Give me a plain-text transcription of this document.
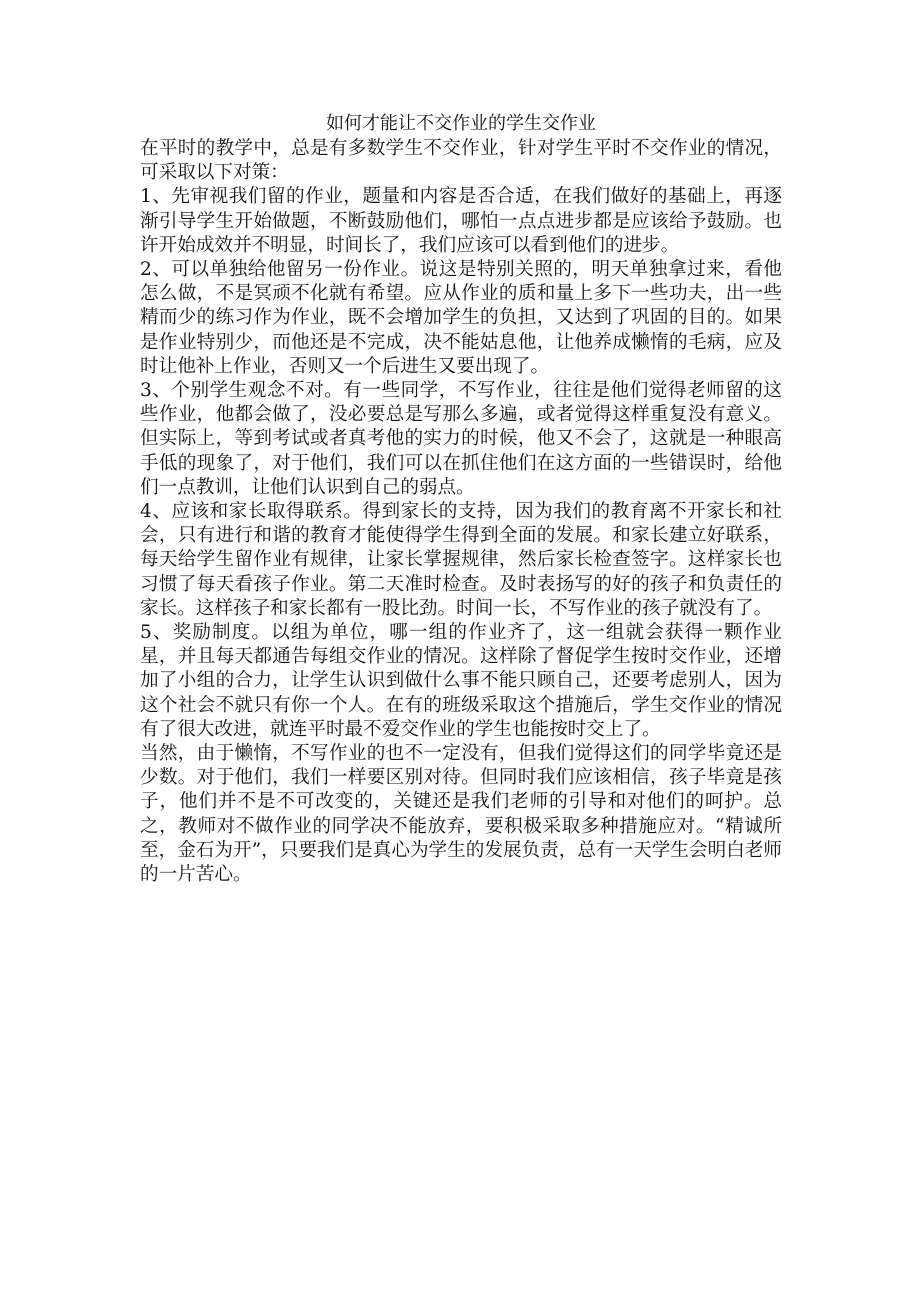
如何才能让不交作业的学生交作业

在平时的教学中，总是有多数学生不交作业，针对学生平时不交作业的情况，可采取以下对策：

1、先审视我们留的作业，题量和内容是否合适，在我们做好的基础上，再逐渐引导学生开始做题，不断鼓励他们，哪怕一点点进步都是应该给予鼓励。也许开始成效并不明显，时间长了，我们应该可以看到他们的进步。

2、可以单独给他留另一份作业。说这是特别关照的，明天单独拿过来，看他怎么做，不是冥顽不化就有希望。应从作业的质和量上多下一些功夫，出一些精而少的练习作为作业，既不会增加学生的负担，又达到了巩固的目的。如果是作业特别少，而他还是不完成，决不能姑息他，让他养成懒惰的毛病，应及时让他补上作业，否则又一个后进生又要出现了。

3、个别学生观念不对。有一些同学，不写作业，往往是他们觉得老师留的这些作业，他都会做了，没必要总是写那么多遍，或者觉得这样重复没有意义。但实际上，等到考试或者真考他的实力的时候，他又不会了，这就是一种眼高手低的现象了，对于他们，我们可以在抓住他们在这方面的一些错误时，给他们一点教训，让他们认识到自己的弱点。

4、应该和家长取得联系。得到家长的支持，因为我们的教育离不开家长和社会，只有进行和谐的教育才能使得学生得到全面的发展。和家长建立好联系，每天给学生留作业有规律，让家长掌握规律，然后家长检查签字。这样家长也习惯了每天看孩子作业。第二天准时检查。及时表扬写的好的孩子和负责任的家长。这样孩子和家长都有一股比劲。时间一长，不写作业的孩子就没有了。

5、奖励制度。以组为单位，哪一组的作业齐了，这一组就会获得一颗作业星，并且每天都通告每组交作业的情况。这样除了督促学生按时交作业，还增加了小组的合力，让学生认识到做什么事不能只顾自己，还要考虑别人，因为这个社会不就只有你一个人。在有的班级采取这个措施后，学生交作业的情况有了很大改进，就连平时最不爱交作业的学生也能按时交上了。

当然，由于懒惰，不写作业的也不一定没有，但我们觉得这们的同学毕竟还是少数。对于他们，我们一样要区别对待。但同时我们应该相信，孩子毕竟是孩子，他们并不是不可改变的，关键还是我们老师的引导和对他们的呵护。总之，教师对不做作业的同学决不能放弃，要积极采取多种措施应对。“精诚所至，金石为开”，只要我们是真心为学生的发展负责，总有一天学生会明白老师的一片苦心。
